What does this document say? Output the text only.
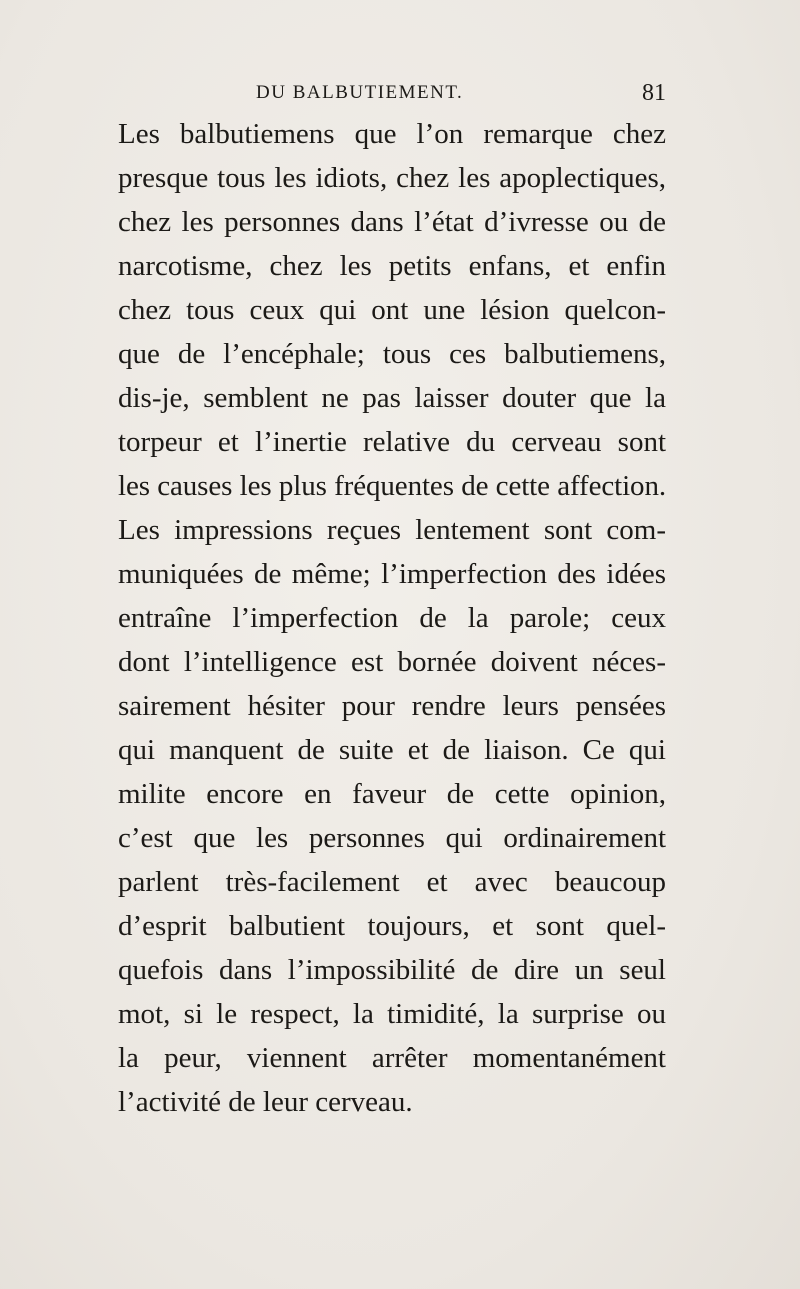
DU BALBUTIEMENT.	81
Les balbutiemens que l’on remarque chez
presque tous les idiots, chez les apoplectiques,
chez les personnes dans l’état d’ivresse ou de
narcotisme, chez les petits enfans, et enfin
chez tous ceux qui ont une lésion quelcon-
que de l’encéphale; tous ces balbutiemens,
dis-je, semblent ne pas laisser douter que la
torpeur et l’inertie relative du cerveau sont
les causes les plus fréquentes de cette affection.
Les impressions reçues lentement sont com-
muniquées de même; l’imperfection des idées
entraîne l’imperfection de la parole; ceux
dont l’intelligence est bornée doivent néces-
sairement hésiter pour rendre leurs pensées
qui manquent de suite et de liaison. Ce qui
milite encore en faveur de cette opinion,
c’est que les personnes qui ordinairement
parlent très-facilement et avec beaucoup
d’esprit balbutient toujours, et sont quel-
quefois dans l’impossibilité de dire un seul
mot, si le respect, la timidité, la surprise ou
la peur, viennent arrêter momentanément
l’activité de leur cerveau.
